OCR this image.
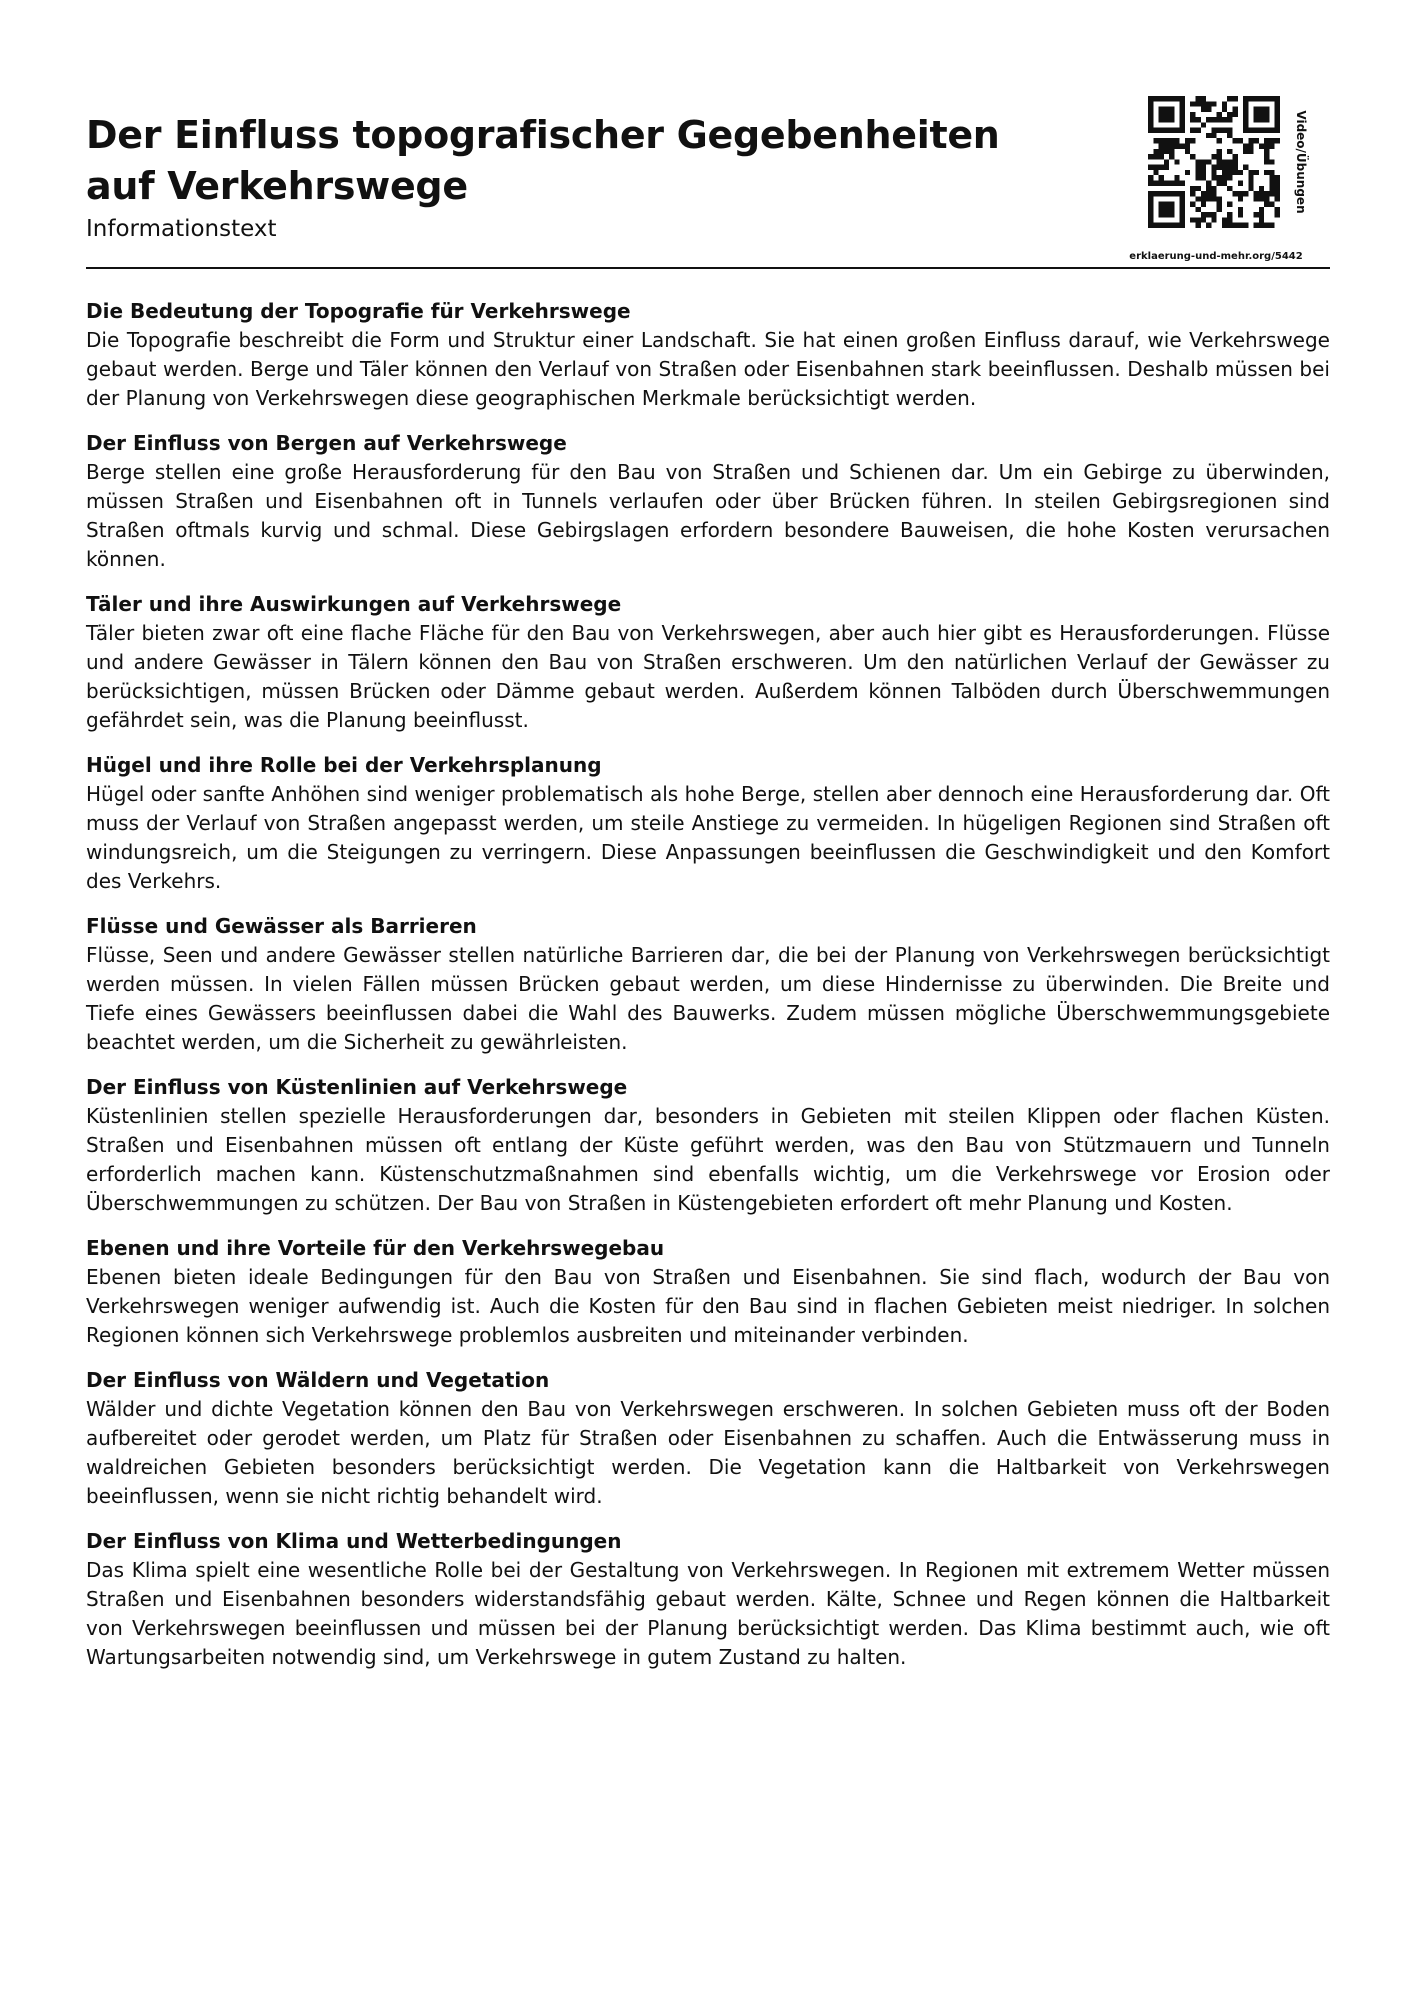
Der Einfluss topografischer Gegebenheiten auf Verkehrswege

Informationstext

Video/Übungen
erklaerung-und-mehr.org/5442
Die Bedeutung der Topografie für Verkehrswege

Die Topografie beschreibt die Form und Struktur einer Landschaft. Sie hat einen großen Einfluss darauf, wie Verkehrswege gebaut werden. Berge und Täler können den Verlauf von Straßen oder Eisenbahnen stark beeinflussen. Deshalb müssen bei der Planung von Verkehrswegen diese geographischen Merkmale berücksichtigt werden.

Der Einfluss von Bergen auf Verkehrswege

Berge stellen eine große Herausforderung für den Bau von Straßen und Schienen dar. Um ein Gebirge zu überwinden, müssen Straßen und Eisenbahnen oft in Tunnels verlaufen oder über Brücken führen. In steilen Gebirgsregionen sind Straßen oftmals kurvig und schmal. Diese Gebirgslagen erfordern besondere Bauweisen, die hohe Kosten verursachen können.

Täler und ihre Auswirkungen auf Verkehrswege

Täler bieten zwar oft eine flache Fläche für den Bau von Verkehrswegen, aber auch hier gibt es Herausforderungen. Flüsse und andere Gewässer in Tälern können den Bau von Straßen erschweren. Um den natürlichen Verlauf der Gewässer zu berücksichtigen, müssen Brücken oder Dämme gebaut werden. Außerdem können Talböden durch Überschwemmungen gefährdet sein, was die Planung beeinflusst.

Hügel und ihre Rolle bei der Verkehrsplanung

Hügel oder sanfte Anhöhen sind weniger problematisch als hohe Berge, stellen aber dennoch eine Herausforderung dar. Oft muss der Verlauf von Straßen angepasst werden, um steile Anstiege zu vermeiden. In hügeligen Regionen sind Straßen oft windungsreich, um die Steigungen zu verringern. Diese Anpassungen beeinflussen die Geschwindigkeit und den Komfort des Verkehrs.

Flüsse und Gewässer als Barrieren

Flüsse, Seen und andere Gewässer stellen natürliche Barrieren dar, die bei der Planung von Verkehrswegen berücksichtigt werden müssen. In vielen Fällen müssen Brücken gebaut werden, um diese Hindernisse zu überwinden. Die Breite und Tiefe eines Gewässers beeinflussen dabei die Wahl des Bauwerks. Zudem müssen mögliche Überschwemmungsgebiete beachtet werden, um die Sicherheit zu gewährleisten.

Der Einfluss von Küstenlinien auf Verkehrswege

Küstenlinien stellen spezielle Herausforderungen dar, besonders in Gebieten mit steilen Klippen oder flachen Küsten. Straßen und Eisenbahnen müssen oft entlang der Küste geführt werden, was den Bau von Stützmauern und Tunneln erforderlich machen kann. Küstenschutzmaßnahmen sind ebenfalls wichtig, um die Verkehrswege vor Erosion oder Überschwemmungen zu schützen. Der Bau von Straßen in Küstengebieten erfordert oft mehr Planung und Kosten.

Ebenen und ihre Vorteile für den Verkehrswegebau

Ebenen bieten ideale Bedingungen für den Bau von Straßen und Eisenbahnen. Sie sind flach, wodurch der Bau von Verkehrswegen weniger aufwendig ist. Auch die Kosten für den Bau sind in flachen Gebieten meist niedriger. In solchen Regionen können sich Verkehrswege problemlos ausbreiten und miteinander verbinden.

Der Einfluss von Wäldern und Vegetation

Wälder und dichte Vegetation können den Bau von Verkehrswegen erschweren. In solchen Gebieten muss oft der Boden aufbereitet oder gerodet werden, um Platz für Straßen oder Eisenbahnen zu schaffen. Auch die Entwässerung muss in waldreichen Gebieten besonders berücksichtigt werden. Die Vegetation kann die Haltbarkeit von Verkehrswegen beeinflussen, wenn sie nicht richtig behandelt wird.

Der Einfluss von Klima und Wetterbedingungen

Das Klima spielt eine wesentliche Rolle bei der Gestaltung von Verkehrswegen. In Regionen mit extremem Wetter müssen Straßen und Eisenbahnen besonders widerstandsfähig gebaut werden. Kälte, Schnee und Regen können die Haltbarkeit von Verkehrswegen beeinflussen und müssen bei der Planung berücksichtigt werden. Das Klima bestimmt auch, wie oft Wartungsarbeiten notwendig sind, um Verkehrswege in gutem Zustand zu halten.
